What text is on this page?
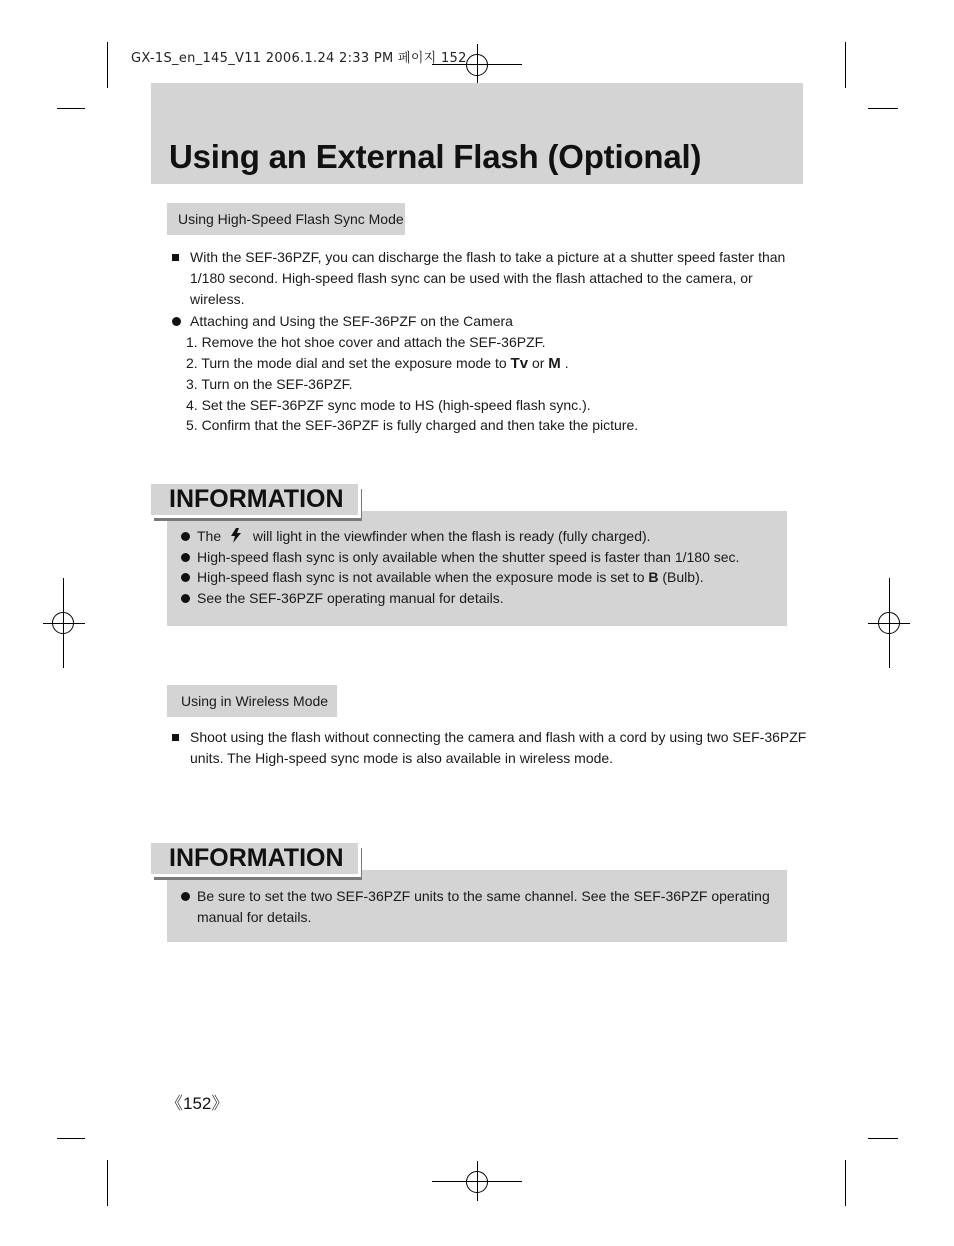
GX-1S_en_145_V11 2006.1.24 2:33 PM 페이지 152
Using an External Flash (Optional)
Using High-Speed Flash Sync Mode
With the SEF-36PZF, you can discharge the flash to take a picture at a shutter speed faster than
1/180 second. High-speed flash sync can be used with the flash attached to the camera, or wireless.
Attaching and Using the SEF-36PZF on the Camera
1. Remove the hot shoe cover and attach the SEF-36PZF.
2. Turn the mode dial and set the exposure mode to Tv or M .
3. Turn on the SEF-36PZF.
4. Set the SEF-36PZF sync mode to HS (high-speed flash sync.).
5. Confirm that the SEF-36PZF is fully charged and then take the picture.
INFORMATION
The will light in the viewfinder when the flash is ready (fully charged).
High-speed flash sync is only available when the shutter speed is faster than 1/180 sec.
High-speed flash sync is not available when the exposure mode is set to B (Bulb).
See the SEF-36PZF operating manual for details.
Using in Wireless Mode
Shoot using the flash without connecting the camera and flash with a cord by using two SEF-36PZF
units. The High-speed sync mode is also available in wireless mode.
INFORMATION
Be sure to set the two SEF-36PZF units to the same channel. See the SEF-36PZF operating
manual for details.
《152》
